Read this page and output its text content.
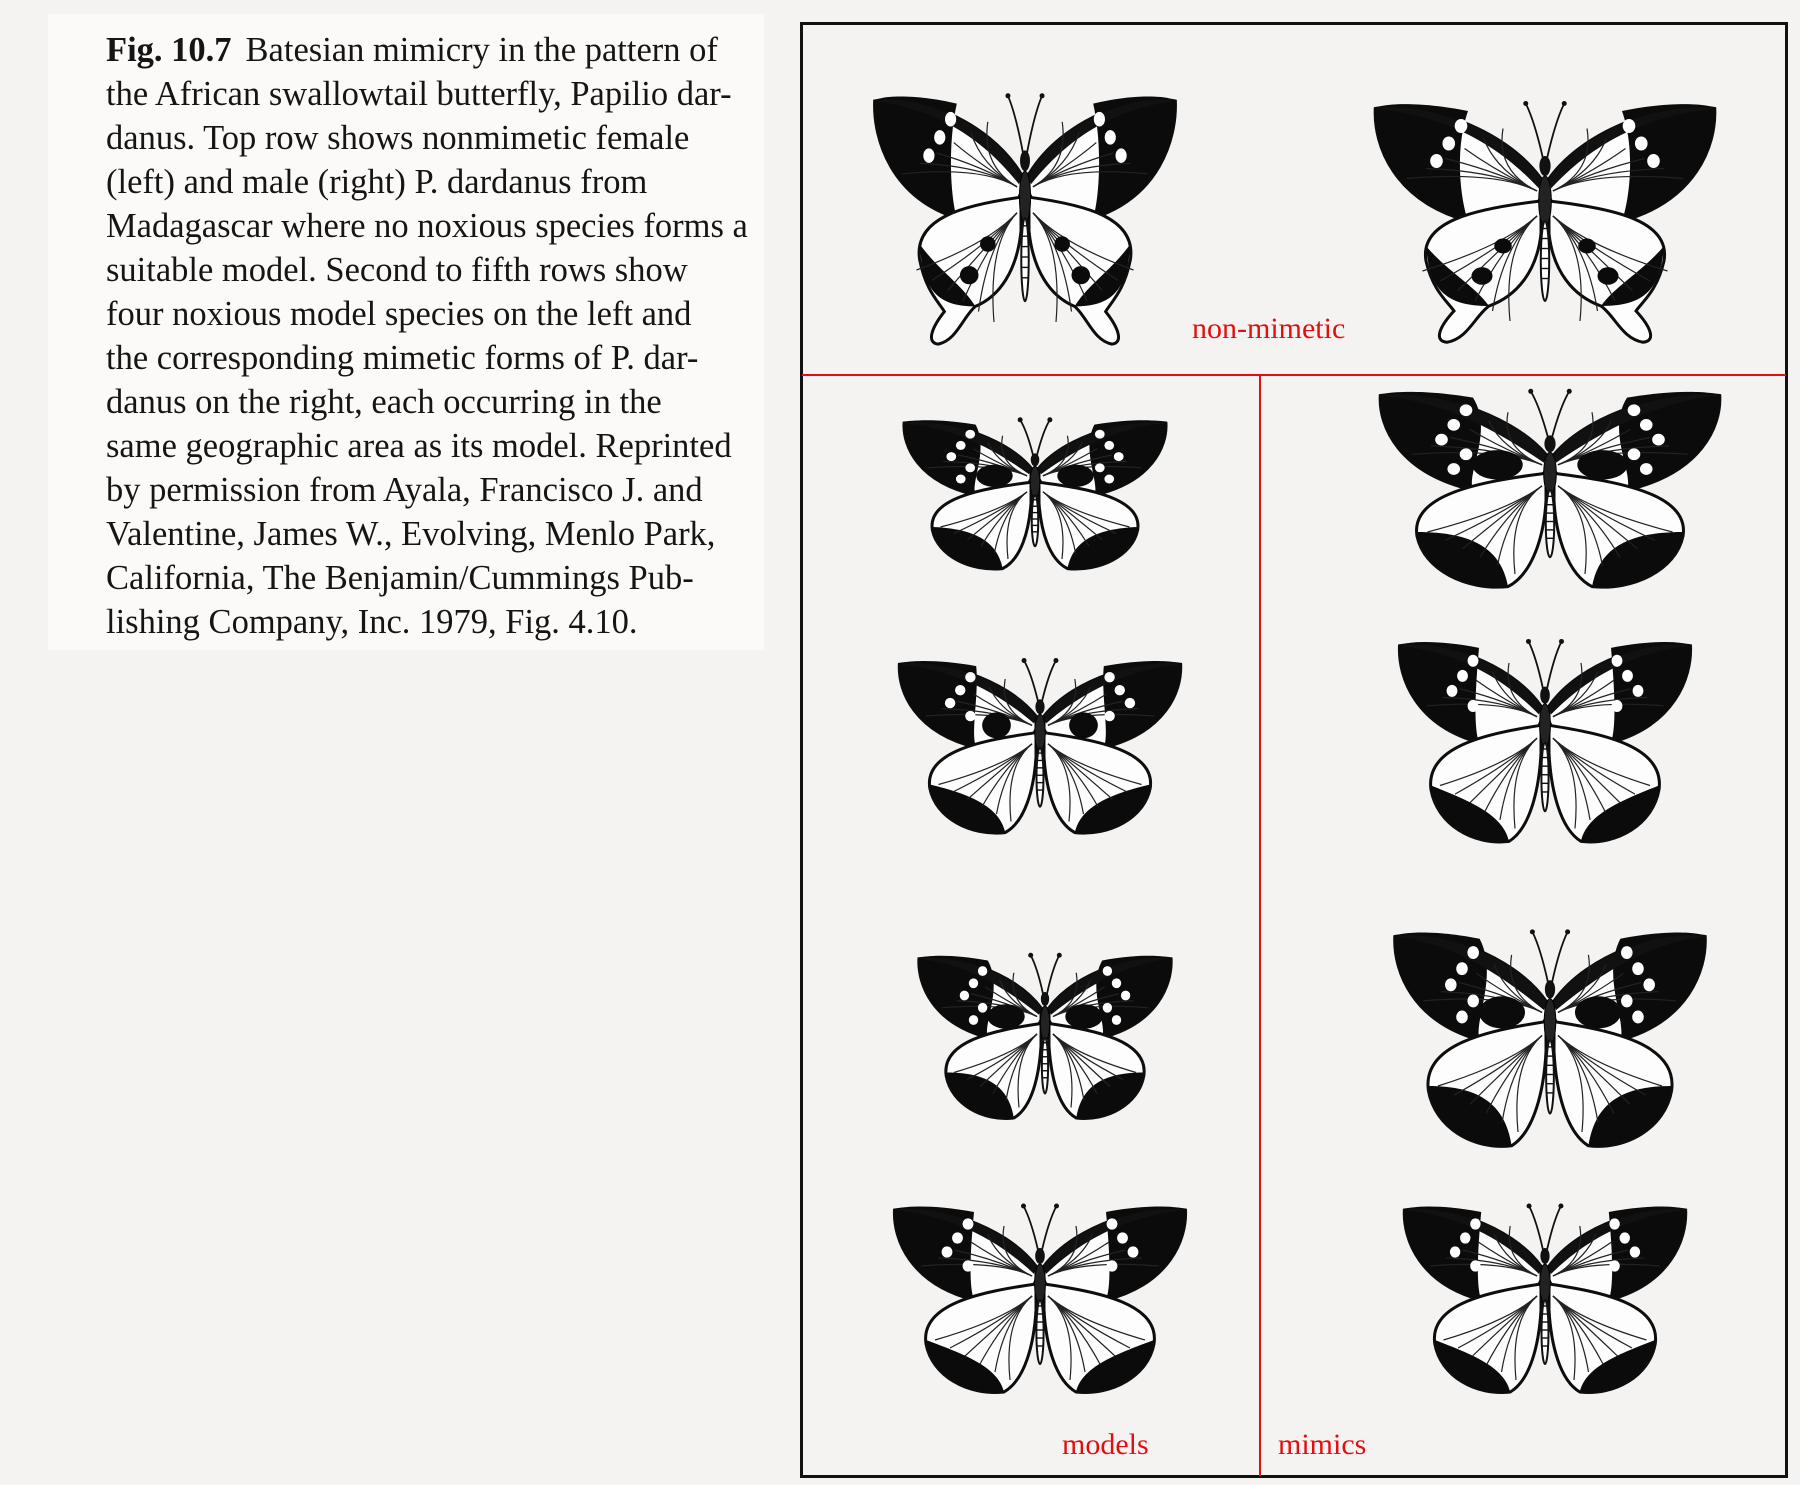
Fig. 10.7 Batesian mimicry in the pattern of
the African swallowtail butterfly, Papilio dar-
danus. Top row shows nonmimetic female
(left) and male (right) P. dardanus from
Madagascar where no noxious species forms a
suitable model. Second to fifth rows show
four noxious model species on the left and
the corresponding mimetic forms of P. dar-
danus on the right, each occurring in the
same geographic area as its model. Reprinted
by permission from Ayala, Francisco J. and
Valentine, James W., Evolving, Menlo Park,
California, The Benjamin/Cummings Pub-
lishing Company, Inc. 1979, Fig. 4.10.
non-mimetic
models	mimics
